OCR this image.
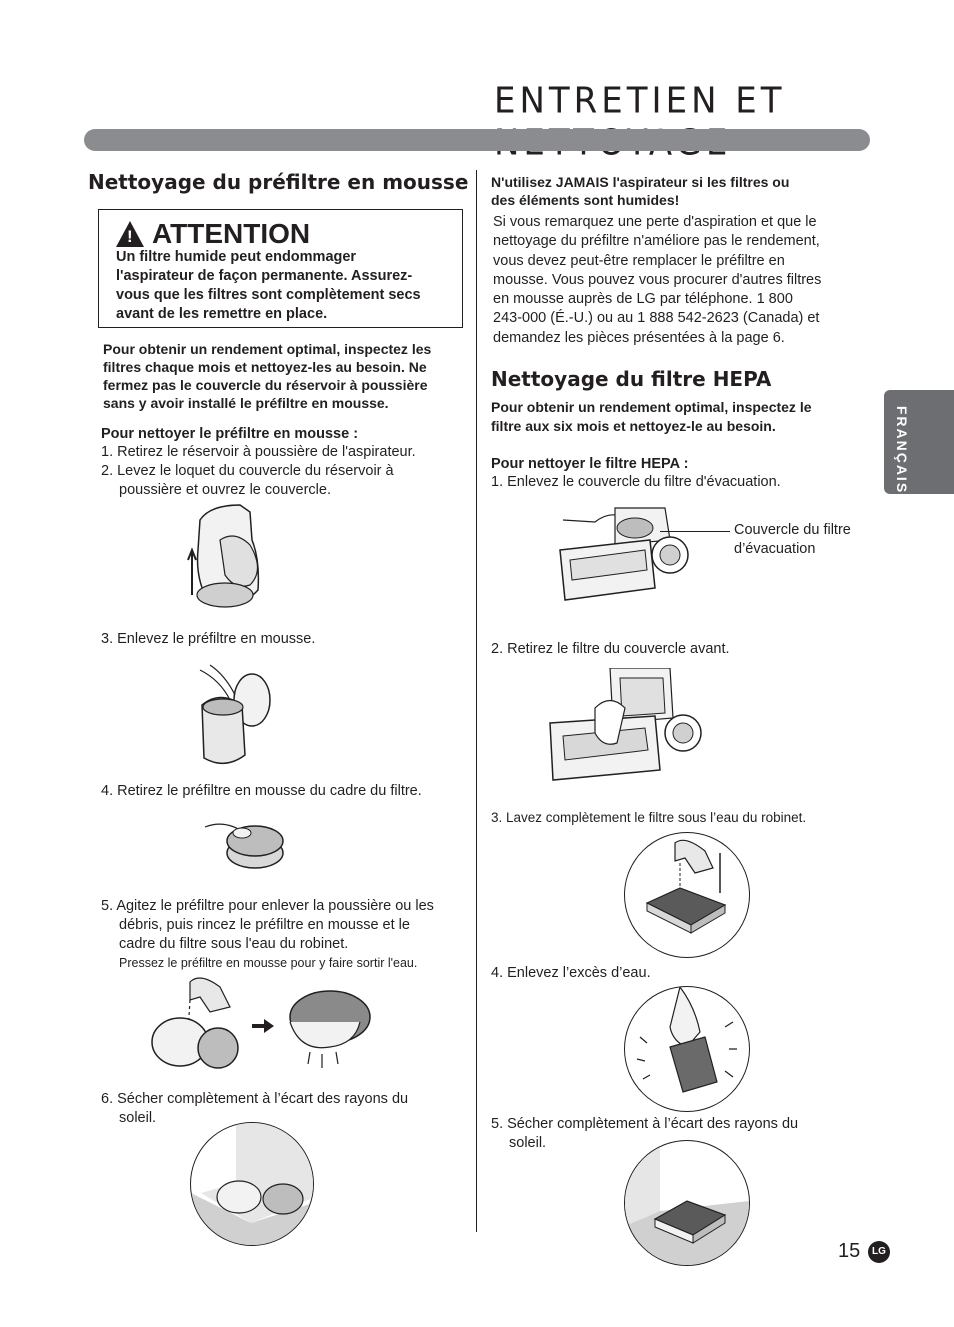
ENTRETIEN ET
FRANÇAIS
Nettoyage du préfiltre en mousse
!
ATTENTION
Un filtre humide peut endommager
l'aspirateur de façon permanente. Assurez-
vous que les filtres sont complètement secs
avant de les remettre en place.
Pour obtenir un rendement optimal, inspectez les
filtres chaque mois et nettoyez-les au besoin. Ne
fermez pas le couvercle du réservoir à poussière
sans y avoir installé le préfiltre en mousse.
Pour nettoyer le préfiltre en mousse :
1. Retirez le réservoir à poussière de l'aspirateur.
2. Levez le loquet du couvercle du réservoir à
poussière et ouvrez le couvercle.
3. Enlevez le préfiltre en mousse.
4. Retirez le préfiltre en mousse du cadre du filtre.
5. Agitez le préfiltre pour enlever la poussière ou les
débris, puis rincez le préfiltre en mousse et le
cadre du filtre sous l'eau du robinet.
Pressez le préfiltre en mousse pour y faire sortir l'eau.
6. Sécher complètement à l’écart des rayons du
soleil.
N'utilisez JAMAIS l'aspirateur si les filtres ou
des éléments sont humides!
Si vous remarquez une perte d'aspiration et que le
nettoyage du préfiltre n'améliore pas le rendement,
vous devez peut-être remplacer le préfiltre en
mousse. Vous pouvez vous procurer d'autres filtres
en mousse auprès de LG par téléphone. 1 800
243-000 (É.-U.) ou au 1 888 542-2623 (Canada) et
demandez les pièces présentées à la page 6.
Nettoyage du filtre HEPA
Pour obtenir un rendement optimal, inspectez le
filtre aux six mois et nettoyez-le au besoin.
Pour nettoyer le filtre HEPA :
1. Enlevez le couvercle du filtre d'évacuation.
Couvercle du filtre
d’évacuation
2. Retirez le filtre du couvercle avant.
3. Lavez complètement le filtre sous l’eau du robinet.
4. Enlevez l’excès d’eau.
5. Sécher complètement à l’écart des rayons du
soleil.
15	LG
